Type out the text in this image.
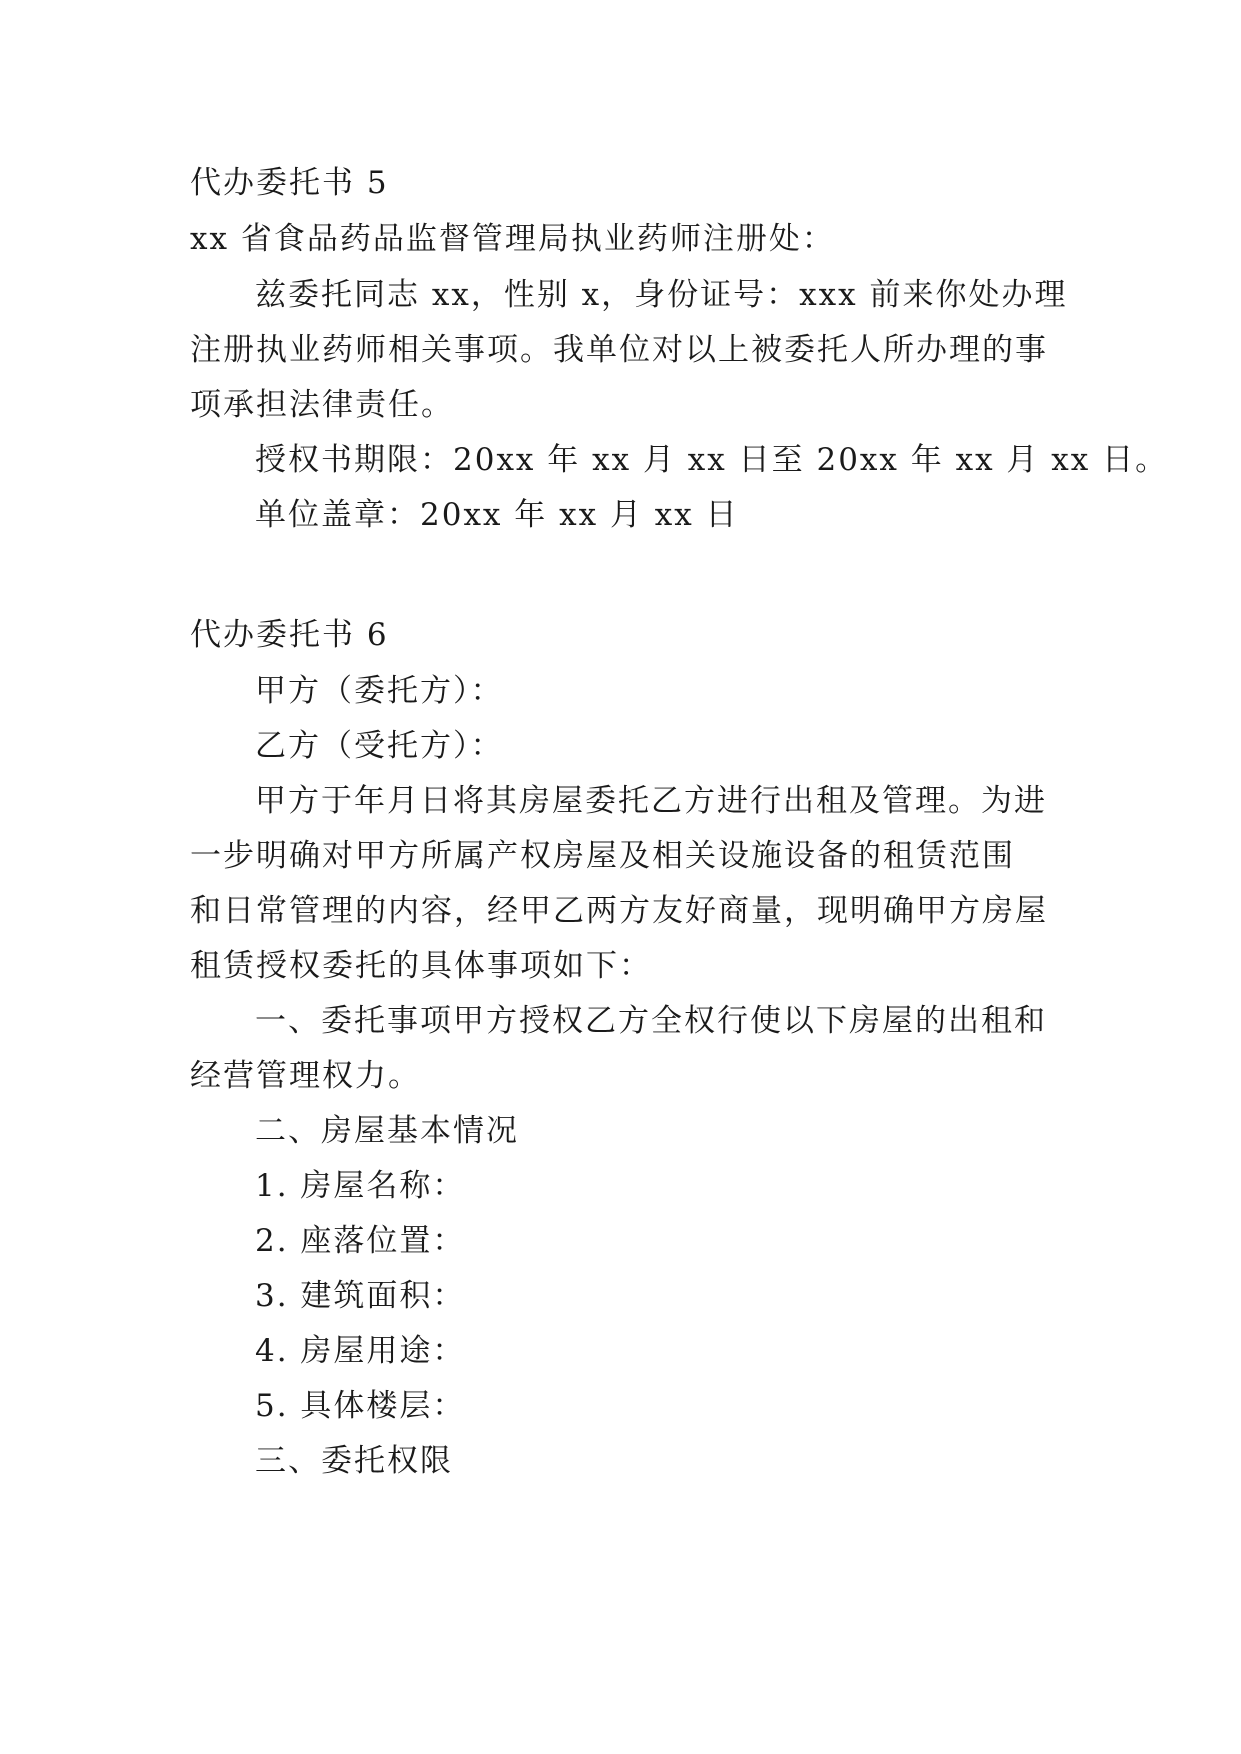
代办委托书 5

xx 省食品药品监督管理局执业药师注册处：

兹委托同志 xx，性别 x，身份证号：xxx 前来你处办理

注册执业药师相关事项。我单位对以上被委托人所办理的事

项承担法律责任。

授权书期限：20xx 年 xx 月 xx 日至 20xx 年 xx 月 xx 日。

单位盖章：20xx 年 xx 月 xx 日

代办委托书 6

甲方（委托方）：

乙方（受托方）：

甲方于年月日将其房屋委托乙方进行出租及管理。为进

一步明确对甲方所属产权房屋及相关设施设备的租赁范围

和日常管理的内容，经甲乙两方友好商量，现明确甲方房屋

租赁授权委托的具体事项如下：

一、委托事项甲方授权乙方全权行使以下房屋的出租和

经营管理权力。

二、房屋基本情况

1. 房屋名称：

2. 座落位置：

3. 建筑面积：

4. 房屋用途：

5. 具体楼层：

三、委托权限
